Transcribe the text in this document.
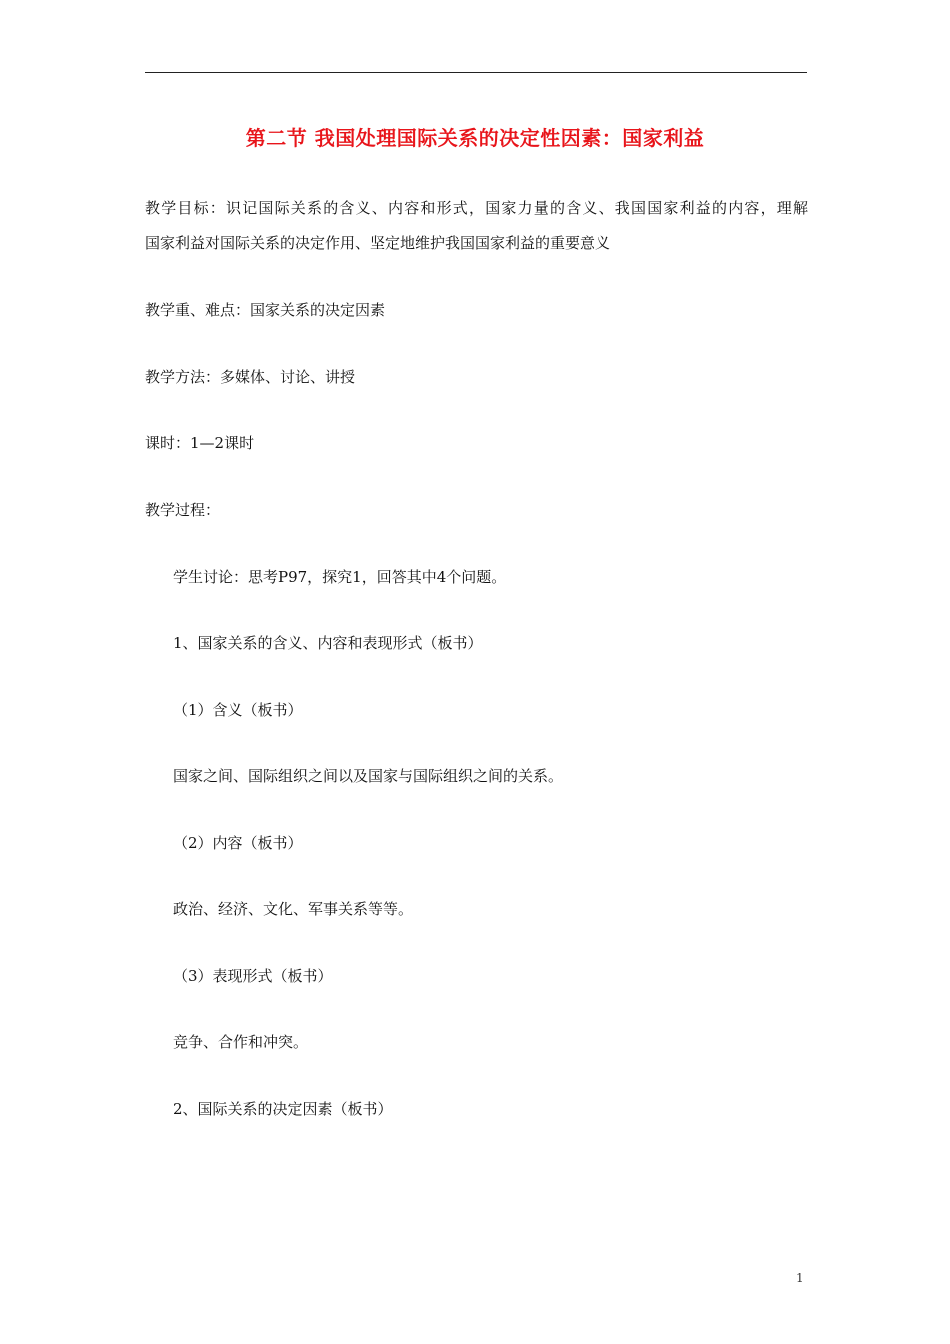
第二节 我国处理国际关系的决定性因素：国家利益
教学目标：识记国际关系的含义、内容和形式，国家力量的含义、我国国家利益的内容，理解
国家利益对国际关系的决定作用、坚定地维护我国国家利益的重要意义
教学重、难点：国家关系的决定因素
教学方法：多媒体、讨论、讲授
课时：1—2课时
教学过程：
学生讨论：思考P97，探究1，回答其中4个问题。
1、国家关系的含义、内容和表现形式（板书）
（1）含义（板书）
国家之间、国际组织之间以及国家与国际组织之间的关系。
（2）内容（板书）
政治、经济、文化、军事关系等等。
（3）表现形式（板书）
竞争、合作和冲突。
2、国际关系的决定因素（板书）
1
